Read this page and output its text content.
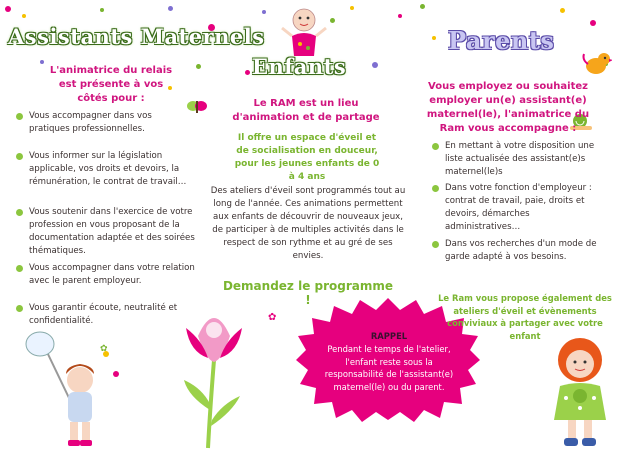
Assistants Maternels
L'animatrice du relais est présente à vos côtés pour :
Vous accompagner dans vos pratiques professionnelles.
Vous informer sur la législation applicable, vos droits et devoirs, la rémunération, le contrat de travail…
Vous soutenir dans l'exercice de votre profession en vous proposant de la documentation adaptée et des soirées thématiques.
Vous accompagner dans votre relation avec le parent employeur.
Vous garantir écoute, neutralité et confidentialité.
Enfants
Le RAM est un lieu d'animation et de partage
Il offre un espace d'éveil et de socialisation en douceur, pour les jeunes enfants de 0 à 4 ans
Des ateliers d'éveil sont programmés tout au long de l'année. Ces animations permettent aux enfants de découvrir de nouveaux jeux, de participer à de multiples activités dans le respect de son rythme et au gré de ses envies.
Demandez le programme !
RAPPEL
Pendant le temps de l'atelier, l'enfant reste sous la responsabilité de l'assistant(e) maternel(le) ou du parent.
✿
✿
Parents
Vous employez ou souhaitez employer un(e) assistant(e) maternel(le), l'animatrice du Ram vous accompagne :
En mettant à votre disposition une liste actualisée des assistant(e)s maternel(le)s
Dans votre fonction d'employeur : contrat de travail, paie, droits et devoirs, démarches administratives…
Dans vos recherches d'un mode de garde adapté à vos besoins.
Le Ram vous propose également des ateliers d'éveil et évènements conviviaux à partager avec votre enfant
